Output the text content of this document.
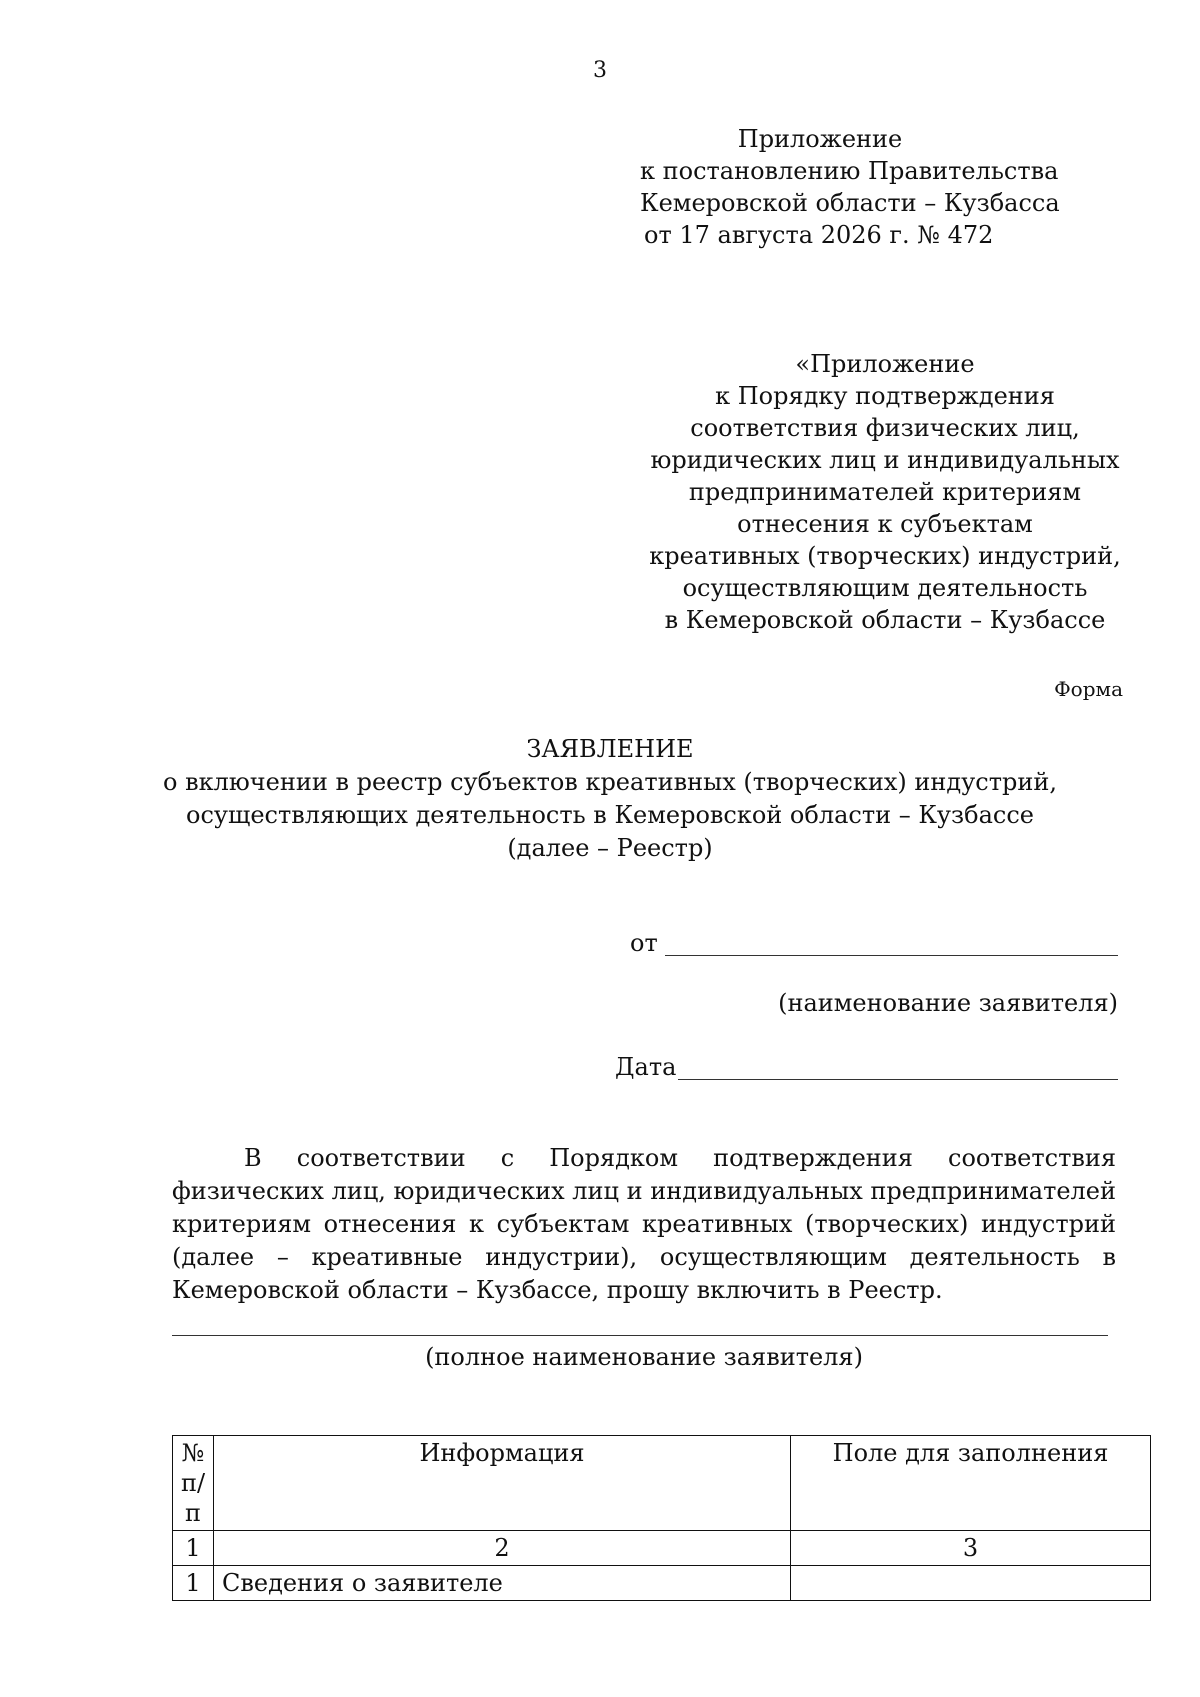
3
Приложение
к постановлению Правительства
Кемеровской области – Кузбасса
от 17 августа 2026 г. № 472
«Приложение
к Порядку подтверждения
соответствия физических лиц,
юридических лиц и индивидуальных
предпринимателей критериям
отнесения к субъектам
креативных (творческих) индустрий,
осуществляющим деятельность
в Кемеровской области – Кузбассе
Форма
ЗАЯВЛЕНИЕ
о включении в реестр субъектов креативных (творческих) индустрий,
осуществляющих деятельность в Кемеровской области – Кузбассе
(далее – Реестр)
от
(наименование заявителя)
Дата

В соответствии с Порядком подтверждения соответствия физических лиц, юридических лиц и индивидуальных предпринимателей критериям отнесения к субъектам креативных (творческих) индустрий (далее – креативные индустрии), осуществляющим деятельность в Кемеровской области – Кузбассе, прошу включить в Реестр.

(полное наименование заявителя)
№ п/п	Информация	Поле для заполнения
1	2	3
1	Сведения о заявителе	
